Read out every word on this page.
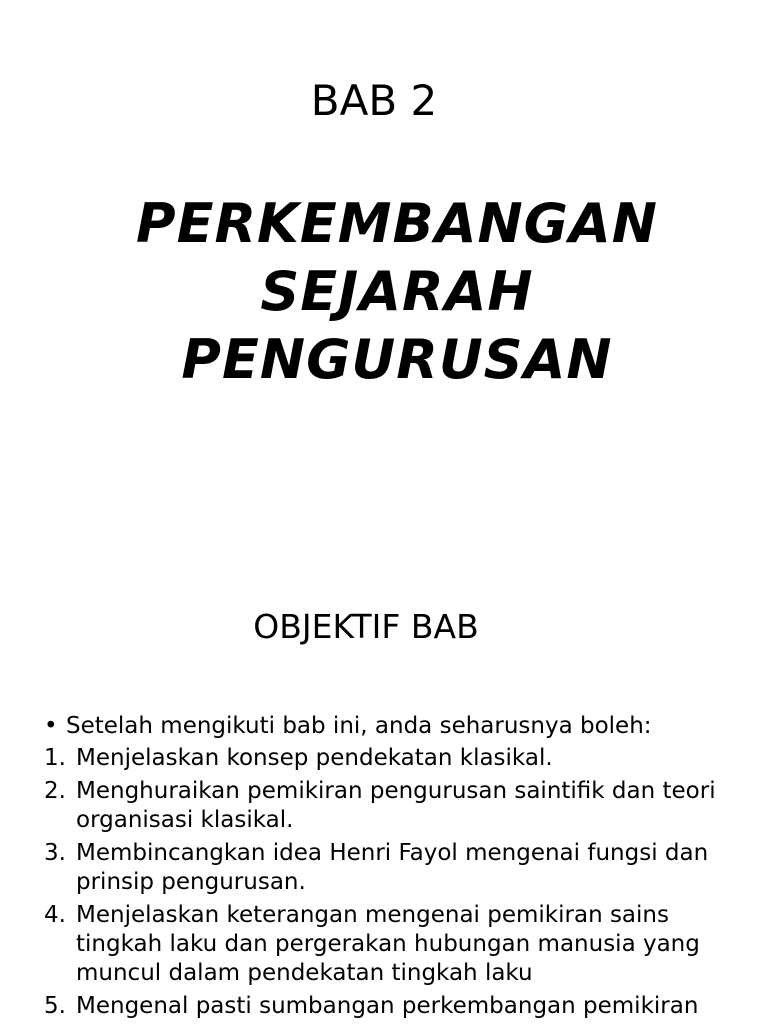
BAB 2
PERKEMBANGAN
SEJARAH
PENGURUSAN
OBJEKTIF BAB
• Setelah mengikuti bab ini, anda seharusnya boleh:
1. Menjelaskan konsep pendekatan klasikal.
2. Menghuraikan pemikiran pengurusan saintifik dan teori organisasi klasikal.
3. Membincangkan idea Henri Fayol mengenai fungsi dan prinsip pengurusan.
4. Menjelaskan keterangan mengenai pemikiran sains tingkah laku dan pergerakan hubungan manusia yang muncul dalam pendekatan tingkah laku
5. Mengenal pasti sumbangan perkembangan pemikiran
